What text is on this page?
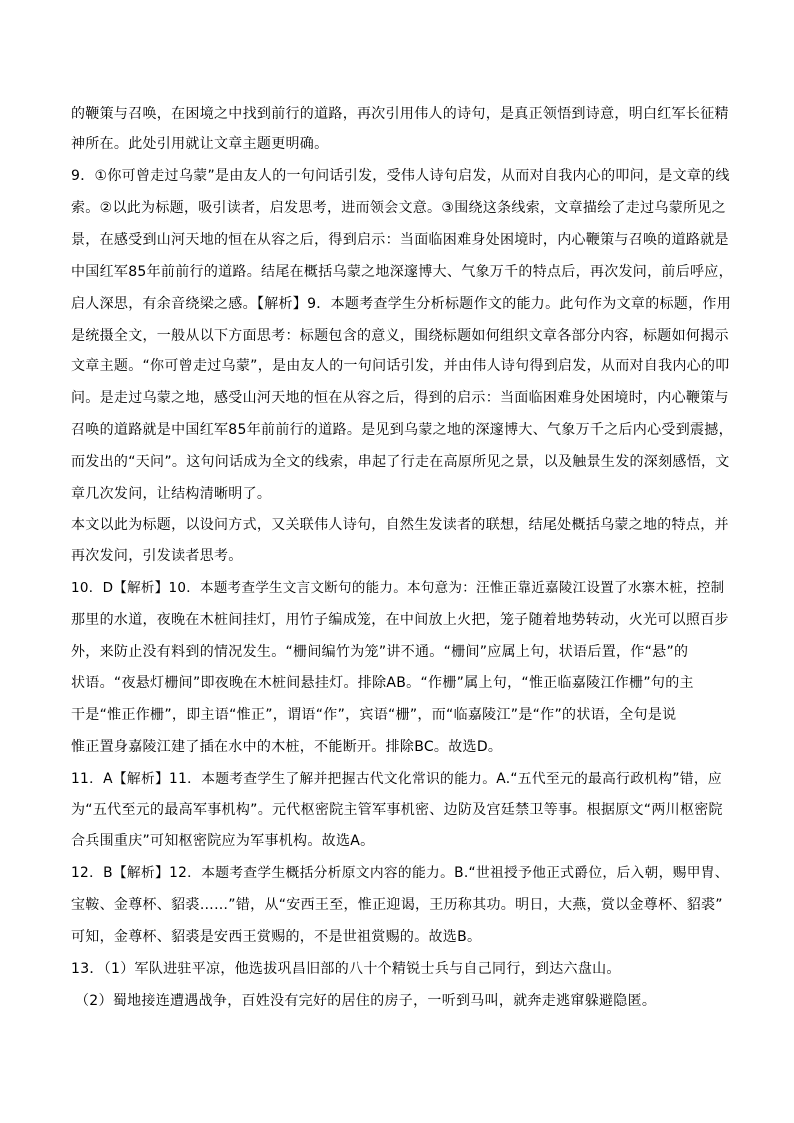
的鞭策与召唤，在困境之中找到前行的道路，再次引用伟人的诗句，是真正领悟到诗意，明白红军长征精
神所在。此处引用就让文章主题更明确。
9．①你可曾走过乌蒙”是由友人的一句问话引发，受伟人诗句启发，从而对自我内心的叩问，是文章的线
索。②以此为标题，吸引读者，启发思考，进而领会文意。③围绕这条线索，文章描绘了走过乌蒙所见之
景，在感受到山河天地的恒在从容之后，得到启示：当面临困难身处困境时，内心鞭策与召唤的道路就是
中国红军85年前前行的道路。结尾在概括乌蒙之地深邃博大、气象万千的特点后，再次发问，前后呼应，
启人深思，有余音绕梁之感。【解析】9．本题考查学生分析标题作文的能力。此句作为文章的标题，作用
是统摄全文，一般从以下方面思考：标题包含的意义，围绕标题如何组织文章各部分内容，标题如何揭示
文章主题。“你可曾走过乌蒙”，是由友人的一句问话引发，并由伟人诗句得到启发，从而对自我内心的叩
问。是走过乌蒙之地，感受山河天地的恒在从容之后，得到的启示：当面临困难身处困境时，内心鞭策与
召唤的道路就是中国红军85年前前行的道路。是见到乌蒙之地的深邃博大、气象万千之后内心受到震撼，
而发出的“天问”。这句问话成为全文的线索，串起了行走在高原所见之景，以及触景生发的深刻感悟，文
章几次发问，让结构清晰明了。
本文以此为标题，以设问方式，又关联伟人诗句，自然生发读者的联想，结尾处概括乌蒙之地的特点，并
再次发问，引发读者思考。
10．D【解析】10．本题考查学生文言文断句的能力。本句意为：汪惟正靠近嘉陵江设置了水寨木桩，控制
那里的水道，夜晚在木桩间挂灯，用竹子编成笼，在中间放上火把，笼子随着地势转动，火光可以照百步
外，来防止没有料到的情况发生。“栅间编竹为笼”讲不通。“栅间”应属上句，状语后置，作“悬”的
状语。“夜悬灯栅间”即夜晚在木桩间悬挂灯。排除AB。“作栅”属上句，“惟正临嘉陵江作栅”句的主
干是“惟正作栅”，即主语“惟正”，谓语“作”，宾语“栅”，而“临嘉陵江”是“作”的状语，全句是说
惟正置身嘉陵江建了插在水中的木桩，不能断开。排除BC。故选D。
11．A【解析】11．本题考查学生了解并把握古代文化常识的能力。A.“五代至元的最高行政机构”错，应
为“五代至元的最高军事机构”。元代枢密院主管军事机密、边防及宫廷禁卫等事。根据原文“两川枢密院
合兵围重庆”可知枢密院应为军事机构。故选A。
12．B【解析】12．本题考查学生概括分析原文内容的能力。B.“世祖授予他正式爵位，后入朝，赐甲胄、
宝鞍、金尊杯、貂裘……”错，从“安西王至，惟正迎谒，王历称其功。明日，大燕，赏以金尊杯、貂裘”
可知，金尊杯、貂裘是安西王赏赐的，不是世祖赏赐的。故选B。
13．（1）军队进驻平凉，他选拔巩昌旧部的八十个精锐士兵与自己同行，到达六盘山。
（2）蜀地接连遭遇战争，百姓没有完好的居住的房子，一听到马叫，就奔走逃窜躲避隐匿。
